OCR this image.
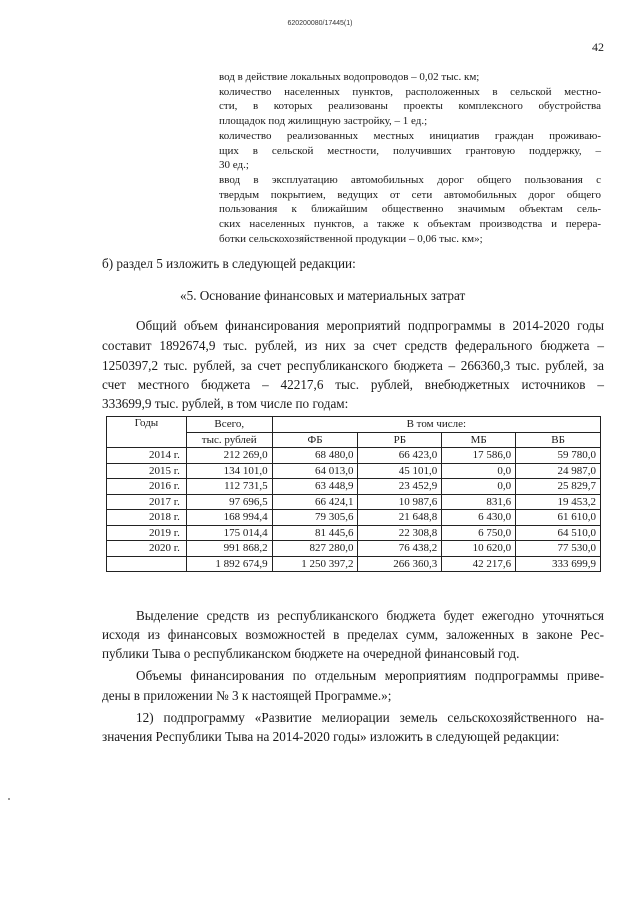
620200080/17445(1)
42
вод в действие локальных водопроводов – 0,02 тыс. км;
количество населенных пунктов, расположенных в сельской местно-
сти, в которых реализованы проекты комплексного обустройства
площадок под жилищную застройку, – 1 ед.;
количество реализованных местных инициатив граждан проживаю-
щих в сельской местности, получивших грантовую поддержку, –
30 ед.;
ввод в эксплуатацию автомобильных дорог общего пользования с
твердым покрытием, ведущих от сети автомобильных дорог общего
пользования к ближайшим общественно значимым объектам сель-
ских населенных пунктов, а также к объектам производства и перера-
ботки сельскохозяйственной продукции – 0,06 тыс. км»;
б) раздел 5 изложить в следующей редакции:
«5. Основание финансовых и материальных затрат
Общий объем финансирования мероприятий подпрограммы в 2014-2020 годы
составит 1892674,9 тыс. рублей, из них за счет средств федерального бюджета –
1250397,2 тыс. рублей, за счет республиканского бюджета – 266360,3 тыс. рублей, за
счет местного бюджета – 42217,6 тыс. рублей, внебюджетных источников –
333699,9 тыс. рублей, в том числе по годам:
Годы	Всего,	В том числе:			
	тыс. рублей	ФБ	РБ	МБ	ВБ
2014 г.	212 269,0	68 480,0	66 423,0	17 586,0	59 780,0
2015 г.	134 101,0	64 013,0	45 101,0	0,0	24 987,0
2016 г.	112 731,5	63 448,9	23 452,9	0,0	25 829,7
2017 г.	97 696,5	66 424,1	10 987,6	831,6	19 453,2
2018 г.	168 994,4	79 305,6	21 648,8	6 430,0	61 610,0
2019 г.	175 014,4	81 445,6	22 308,8	6 750,0	64 510,0
2020 г.	991 868,2	827 280,0	76 438,2	10 620,0	77 530,0
	1 892 674,9	1 250 397,2	266 360,3	42 217,6	333 699,9
Выделение средств из республиканского бюджета будет ежегодно уточняться
исходя из финансовых возможностей в пределах сумм, заложенных в законе Рес-
публики Тыва о республиканском бюджете на очередной финансовый год.
Объемы финансирования по отдельным мероприятиям подпрограммы приве-
дены в приложении № 3 к настоящей Программе.»;
12) подпрограмму «Развитие мелиорации земель сельскохозяйственного на-
значения Республики Тыва на 2014-2020 годы» изложить в следующей редакции:
